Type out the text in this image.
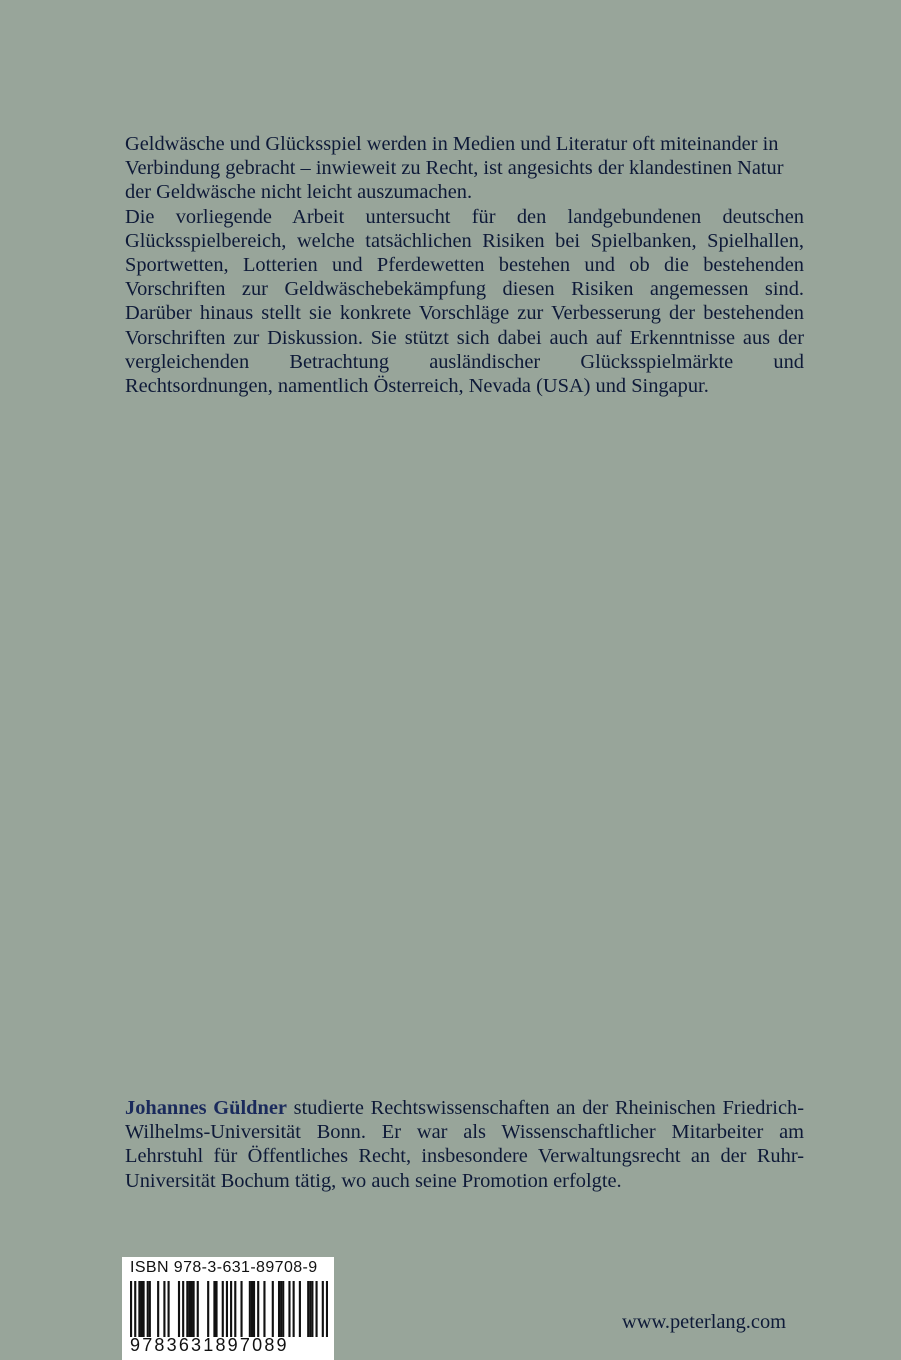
Geldwäsche und Glücksspiel werden in Medien und Literatur oft miteinander in Verbindung gebracht – inwieweit zu Recht, ist angesichts der klandestinen Natur der Geldwäsche nicht leicht auszumachen.

Die vorliegende Arbeit untersucht für den landgebundenen deutschen Glücksspielbereich, welche tatsächlichen Risiken bei Spielbanken, Spielhallen, Sportwetten, Lotterien und Pferdewetten bestehen und ob die bestehenden Vorschriften zur Geldwäschebekämpfung diesen Risiken angemessen sind. Darüber hinaus stellt sie konkrete Vorschläge zur Verbesserung der bestehenden Vorschriften zur Diskussion. Sie stützt sich dabei auch auf Erkenntnisse aus der vergleichenden Betrachtung ausländischer Glücksspielmärkte und Rechtsordnungen, namentlich Österreich, Nevada (USA) und Singapur.

Johannes Güldner studierte Rechtswissenschaften an der Rheinischen Friedrich-Wilhelms-Universität Bonn. Er war als Wissenschaftlicher Mitarbeiter am Lehrstuhl für Öffentliches Recht, insbesondere Verwaltungsrecht an der Ruhr-Universität Bochum tätig, wo auch seine Promotion erfolgte.

ISBN 978-3-631-89708-9
9783631897089
www.peterlang.com
